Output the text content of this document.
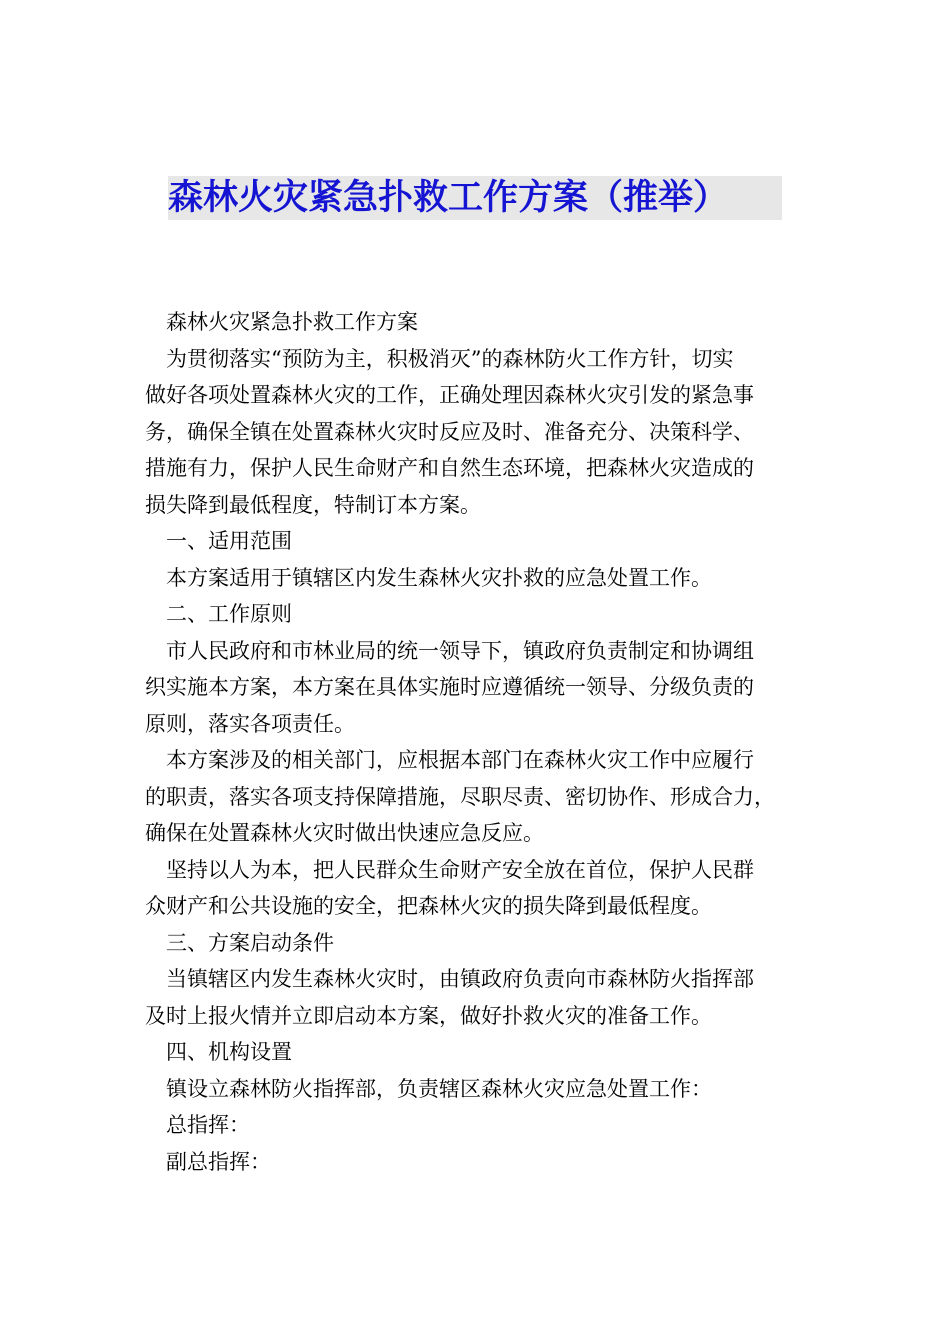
森林火灾紧急扑救工作方案（推举）
森林火灾紧急扑救工作方案
为贯彻落实“预防为主，积极消灭”的森林防火工作方针，切实
做好各项处置森林火灾的工作，正确处理因森林火灾引发的紧急事
务，确保全镇在处置森林火灾时反应及时、准备充分、决策科学、
措施有力，保护人民生命财产和自然生态环境，把森林火灾造成的
损失降到最低程度，特制订本方案。
一、适用范围
本方案适用于镇辖区内发生森林火灾扑救的应急处置工作。
二、工作原则
市人民政府和市林业局的统一领导下，镇政府负责制定和协调组
织实施本方案，本方案在具体实施时应遵循统一领导、分级负责的
原则，落实各项责任。
本方案涉及的相关部门，应根据本部门在森林火灾工作中应履行
的职责，落实各项支持保障措施，尽职尽责、密切协作、形成合力，
确保在处置森林火灾时做出快速应急反应。
坚持以人为本，把人民群众生命财产安全放在首位，保护人民群
众财产和公共设施的安全，把森林火灾的损失降到最低程度。
三、方案启动条件
当镇辖区内发生森林火灾时，由镇政府负责向市森林防火指挥部
及时上报火情并立即启动本方案，做好扑救火灾的准备工作。
四、机构设置
镇设立森林防火指挥部，负责辖区森林火灾应急处置工作：
总指挥：
副总指挥：
